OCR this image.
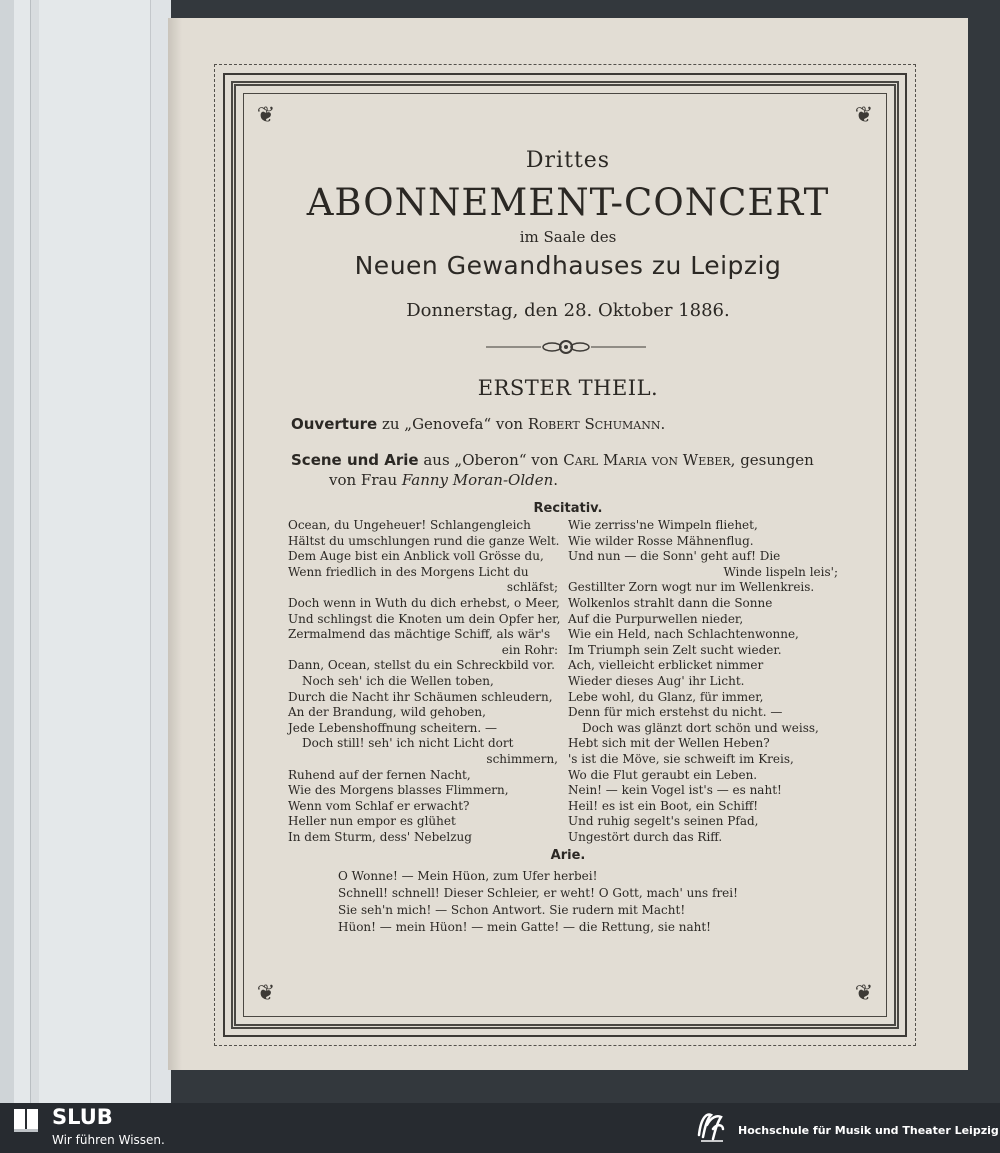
❦	❦
❦	❦
Drittes
ABONNEMENT-CONCERT
im Saale des
Neuen Gewandhauses zu Leipzig
Donnerstag, den 28. Oktober 1886.
ERSTER THEIL.
Ouverture zu „Genovefa“ von Robert Schumann.
Scene und Arie aus „Oberon“ von Carl Maria von Weber, gesungen
von Frau Fanny Moran-Olden.
Recitativ.
Ocean, du Ungeheuer! Schlangengleich
Hältst du umschlungen rund die ganze Welt.
Dem Auge bist ein Anblick voll Grösse du,
Wenn friedlich in des Morgens Licht du
schläfst;
Doch wenn in Wuth du dich erhebst, o Meer,
Und schlingst die Knoten um dein Opfer her,
Zermalmend das mächtige Schiff, als wär's
ein Rohr:
Dann, Ocean, stellst du ein Schreckbild vor.
Noch seh' ich die Wellen toben,
Durch die Nacht ihr Schäumen schleudern,
An der Brandung, wild gehoben,
Jede Lebenshoffnung scheitern. —
Doch still! seh' ich nicht Licht dort
schimmern,
Ruhend auf der fernen Nacht,
Wie des Morgens blasses Flimmern,
Wenn vom Schlaf er erwacht?
Heller nun empor es glühet
In dem Sturm, dess' Nebelzug
Wie zerriss'ne Wimpeln fliehet,
Wie wilder Rosse Mähnenflug.
Und nun — die Sonn' geht auf! Die
Winde lispeln leis';
Gestillter Zorn wogt nur im Wellenkreis.
Wolkenlos strahlt dann die Sonne
Auf die Purpurwellen nieder,
Wie ein Held, nach Schlachtenwonne,
Im Triumph sein Zelt sucht wieder.
Ach, vielleicht erblicket nimmer
Wieder dieses Aug' ihr Licht.
Lebe wohl, du Glanz, für immer,
Denn für mich erstehst du nicht. —
Doch was glänzt dort schön und weiss,
Hebt sich mit der Wellen Heben?
's ist die Möve, sie schweift im Kreis,
Wo die Flut geraubt ein Leben.
Nein! — kein Vogel ist's — es naht!
Heil! es ist ein Boot, ein Schiff!
Und ruhig segelt's seinen Pfad,
Ungestört durch das Riff.
Arie.
O Wonne! — Mein Hüon, zum Ufer herbei!
Schnell! schnell! Dieser Schleier, er weht! O Gott, mach' uns frei!
Sie seh'n mich! — Schon Antwort. Sie rudern mit Macht!
Hüon! — mein Hüon! — mein Gatte! — die Rettung, sie naht!
SLUB
Wir führen Wissen.
Hochschule für Musik und Theater Leipzig
